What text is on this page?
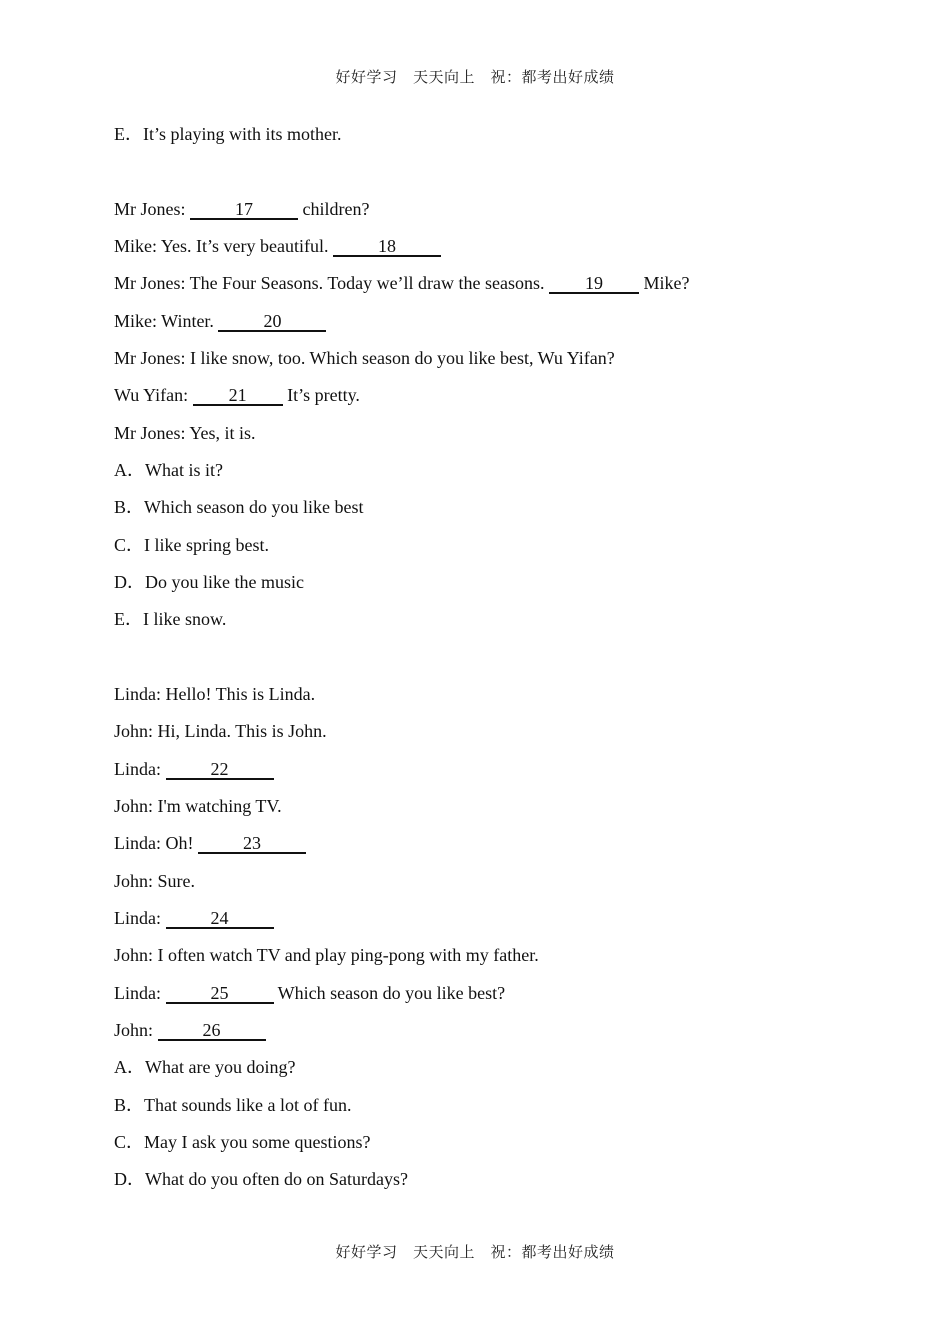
好好学习　天天向上　祝：都考出好成绩
E．It’s playing with its mother.
Mr Jones:      17      children?
Mike: Yes. It’s very beautiful.      18     
Mr Jones: The Four Seasons. Today we’ll draw the seasons.     19     Mike?
Mike: Winter.      20     
Mr Jones: I like snow, too. Which season do you like best, Wu Yifan?
Wu Yifan:     21     It’s pretty.
Mr Jones: Yes, it is.
A．What is it?
B．Which season do you like best
C．I like spring best.
D．Do you like the music
E．I like snow.
Linda: Hello! This is Linda.
John: Hi, Linda. This is John.
Linda:      22     
John: I'm watching TV.
Linda: Oh!      23     
John: Sure.
Linda:      24     
John: I often watch TV and play ping-pong with my father.
Linda:      25      Which season do you like best?
John:      26     
A．What are you doing?
B．That sounds like a lot of fun.
C．May I ask you some questions?
D．What do you often do on Saturdays?
好好学习　天天向上　祝：都考出好成绩
